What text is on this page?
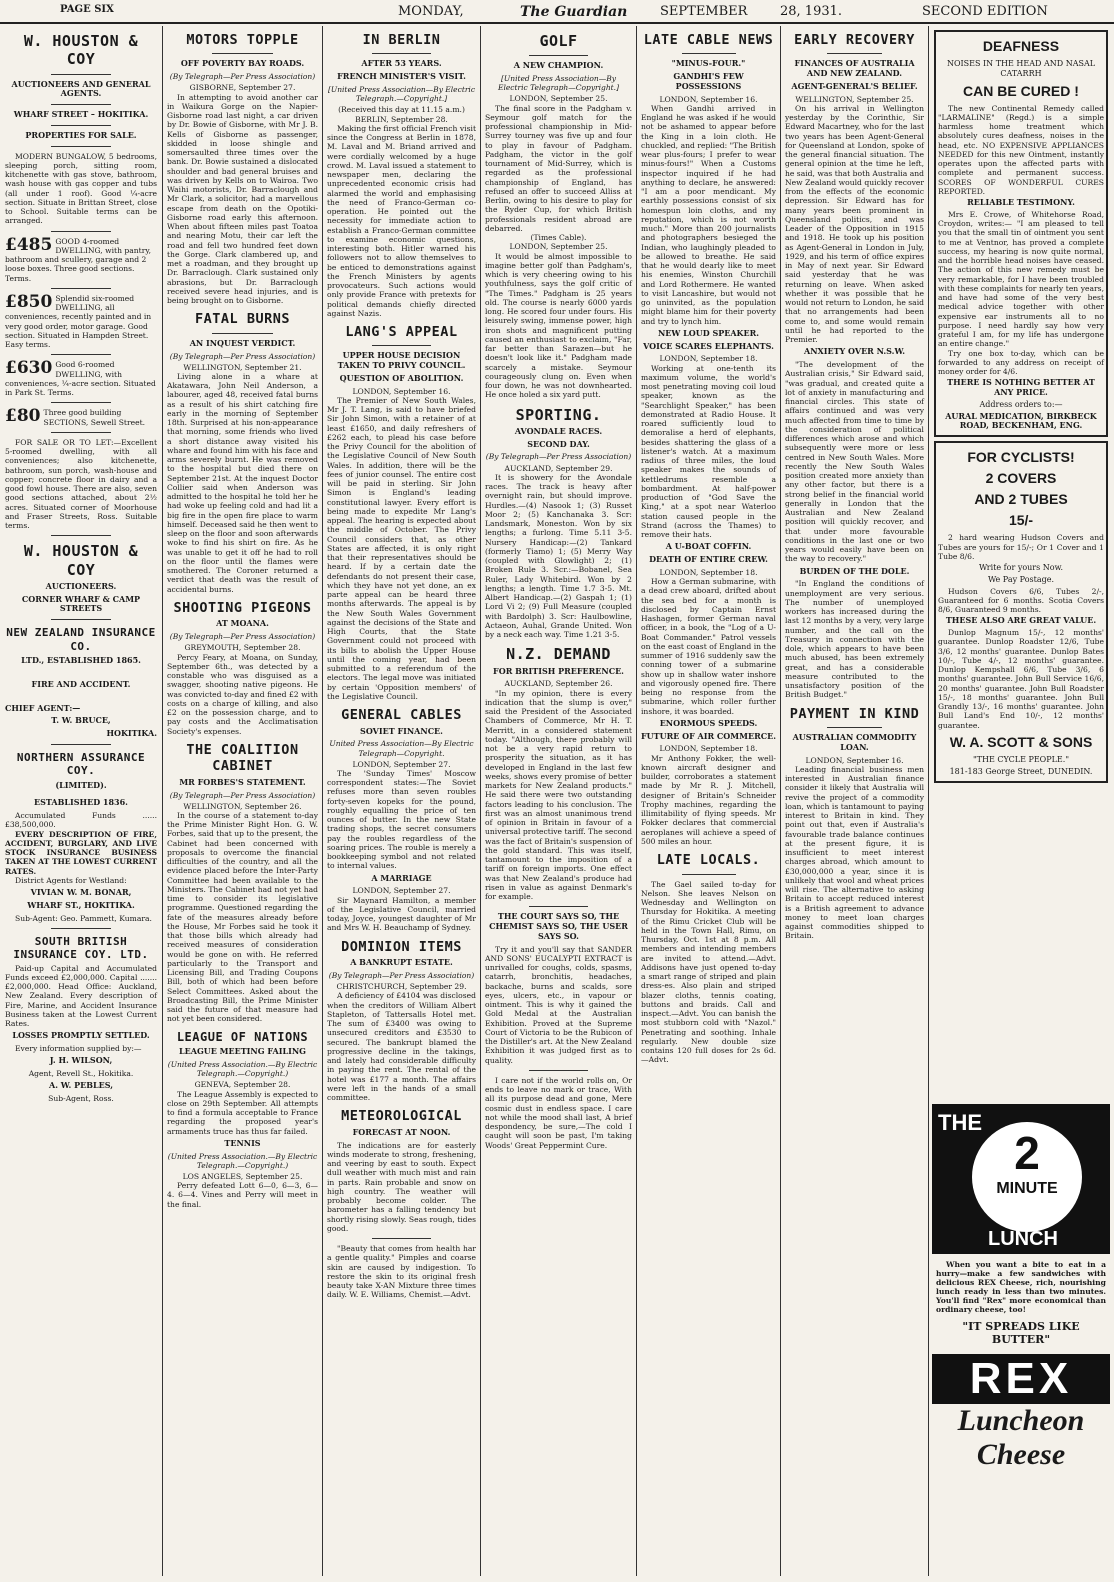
PAGE SIX	MONDAY,	The Guardian	SEPTEMBER	28, 1931.	SECOND EDITION
W. HOUSTON & COY
AUCTIONEERS AND GENERAL AGENTS.
WHARF STREET – HOKITIKA.
PROPERTIES FOR SALE.

MODERN BUNGALOW, 5 bedrooms, sleeping porch, sitting room, kitchenette with gas stove, bathroom, wash house with gas copper and tubs (all under 1 roof). Good ¼-acre section. Situate in Brittan Street, close to School. Suitable terms can be arranged.

£485 GOOD 4-roomed DWELLING, with pantry, bathroom and scullery, garage and 2 loose boxes. Three good sections. Terms.
£850 Splendid six-roomed DWELLING, all conveniences, recently painted and in very good order, motor garage. Good section. Situated in Hampden Street. Easy terms.
£630 Good 6-roomed DWELLING, with conveniences, ¼-acre section. Situated in Park St. Terms.
£80 Three good building SECTIONS, Sewell Street.

FOR SALE OR TO LET:—Excellent 5-roomed dwelling, with all conveniences; also kitchenette, bathroom, sun porch, wash-house and copper; concrete floor in dairy and a good fowl house. There are also, seven good sections attached, about 2½ acres. Situated corner of Moorhouse and Fraser Streets, Ross. Suitable terms.

W. HOUSTON & COY
AUCTIONEERS.
CORNER WHARF & CAMP STREETS
NEW ZEALAND INSURANCE CO.
LTD., ESTABLISHED 1865.
FIRE AND ACCIDENT.
CHIEF AGENT:—
T. W. BRUCE,
HOKITIKA.
NORTHERN ASSURANCE COY.
(LIMITED).
ESTABLISHED 1836.

Accumulated Funds ...... £38,500,000.

EVERY DESCRIPTION OF FIRE, ACCIDENT, BURGLARY, AND LIVE STOCK INSURANCE BUSINESS TAKEN AT THE LOWEST CURRENT RATES.

District Agents for Westland:

VIVIAN W. M. BONAR,
WHARF ST., HOKITIKA.

Sub-Agent: Geo. Pammett, Kumara.

SOUTH BRITISH INSURANCE COY. LTD.

Paid-up Capital and Accumulated Funds exceed £2,000,000. Capital ....... £2,000,000. Head Office: Auckland, New Zealand. Every description of Fire, Marine, and Accident Insurance Business taken at the Lowest Current Rates.

LOSSES PROMPTLY SETTLED.

Every information supplied by:—

J. H. WILSON,
Agent, Revell St., Hokitika.
A. W. PEBLES,
Sub-Agent, Ross.
MOTORS TOPPLE
OFF POVERTY BAY ROADS.
(By Telegraph—Per Press Association)
GISBORNE, September 27.

In attempting to avoid another car in Waikura Gorge on the Napier-Gisborne road last night, a car driven by Dr. Bowie of Gisborne, with Mr J. B. Kells of Gisborne as passenger, skidded in loose shingle and somersaulted three times over the bank. Dr. Bowie sustained a dislocated shoulder and bad general bruises and was driven by Kells on to Wairoa. Two Waihi motorists, Dr. Barraclough and Mr Clark, a solicitor, had a marvellous escape from death on the Opotiki-Gisborne road early this afternoon. When about fifteen miles past Toatoa and nearing Motu, their car left the road and fell two hundred feet down the Gorge. Clark clambered up, and met a roadman, and they brought up Dr. Barraclough. Clark sustained only abrasions, but Dr. Barraclough received severe head injuries, and is being brought on to Gisborne.

FATAL BURNS
AN INQUEST VERDICT.
(By Telegraph—Per Press Association)
WELLINGTON, September 21.

Living alone in a whare at Akatawara, John Neil Anderson, a labourer, aged 48, received fatal burns as a result of his shirt catching fire early in the morning of September 18th. Surprised at his non-appearance that morning, some friends who lived a short distance away visited his whare and found him with his face and arms severely burnt. He was removed to the hospital but died there on September 21st. At the inquest Doctor Collier said when Anderson was admitted to the hospital he told her he had woke up feeling cold and had lit a big fire in the open fire place to warm himself. Deceased said he then went to sleep on the floor and soon afterwards woke to find his shirt on fire. As he was unable to get it off he had to roll on the floor until the flames were smothered. The Coroner returned a verdict that death was the result of accidental burns.

SHOOTING PIGEONS
AT MOANA.
(By Telegraph—Per Press Association)
GREYMOUTH, September 28.

Percy Feary, at Moana, on Sunday, September 6th., was detected by a constable who was disguised as a swagger, shooting native pigeons. He was convicted to-day and fined £2 with costs on a charge of killing, and also £2 on the possession charge, and to pay costs and the Acclimatisation Society's expenses.

THE COALITION CABINET
MR FORBES'S STATEMENT.
(By Telegraph—Per Press Association)
WELLINGTON, September 26.

In the course of a statement to-day the Prime Minister Right Hon. G. W. Forbes, said that up to the present, the Cabinet had been concerned with proposals to overcome the financial difficulties of the country, and all the evidence placed before the Inter-Party Committee had been available to the Ministers. The Cabinet had not yet had time to consider its legislative programme. Questioned regarding the fate of the measures already before the House, Mr Forbes said he took it that those bills which already had received measures of consideration would be gone on with. He referred particularly to the Transport and Licensing Bill, and Trading Coupons Bill, both of which had been before Select Committees. Asked about the Broadcasting Bill, the Prime Minister said the future of that measure had not yet been considered.

LEAGUE OF NATIONS
LEAGUE MEETING FAILING
(United Press Association.—By Electric Telegraph.—Copyright.)
GENEVA, September 28.

The League Assembly is expected to close on 29th September. All attempts to find a formula acceptable to France regarding the proposed year's armaments truce has thus far failed.

TENNIS
(United Press Association.—By Electric Telegraph.—Copyright.)
LOS ANGELES, September 25.

Perry defeated Lott 6—0, 6—3, 6—4. 6—4. Vines and Perry will meet in the final.

IN BERLIN
AFTER 53 YEARS.
FRENCH MINISTER'S VISIT.
[United Press Association—By Electric Telegraph.—Copyright.]
(Received this day at 11.15 a.m.)
BERLIN, September 28.

Making the first official French visit since the Congress at Berlin in 1878, M. Laval and M. Briand arrived and were cordially welcomed by a huge crowd. M. Laval issued a statement to newspaper men, declaring the unprecedented economic crisis had alarmed the world and emphasising the need of Franco-German co-operation. He pointed out the necessity for immediate action to establish a Franco-German committee to examine economic questions, interesting both. Hitler warned his followers not to allow themselves to be enticed to demonstrations against the French Ministers by agents provocateurs. Such actions would only provide France with pretexts for political demands chiefly directed against Nazis.

LANG'S APPEAL
UPPER HOUSE DECISION TAKEN TO PRIVY COUNCIL.
QUESTION OF ABOLITION.
LONDON, September 16.

The Premier of New South Wales, Mr J. T. Lang, is said to have briefed Sir John Simon, with a retainer of at least £1650, and daily refreshers of £262 each, to plead his case before the Privy Council for the abolition of the Legislative Council of New South Wales. In addition, there will be the fees of junior counsel. The entire cost will be paid in sterling. Sir John Simon is England's leading constitutional lawyer. Every effort is being made to expedite Mr Lang's appeal. The hearing is expected about the middle of October. The Privy Council considers that, as other States are affected, it is only right that their representatives should be heard. If by a certain date the defendants do not present their case, which they have not yet done, an ex parte appeal can be heard three months afterwards. The appeal is by the New South Wales Government against the decisions of the State and High Courts, that the State Government could not proceed with its bills to abolish the Upper House until the coming year, had been submitted to a referendum of the electors. The legal move was initiated by certain 'Opposition members' of the Legislative Council.

GENERAL CABLES
SOVIET FINANCE.
United Press Association—By Electric Telegraph—Copyright.
LONDON, September 27.

The 'Sunday Times' Moscow correspondent states:—The Soviet refuses more than seven roubles forty-seven kopeks for the pound, roughly equalling the price of ten ounces of butter. In the new State trading shops, the secret consumers pay the roubles regardless of the soaring prices. The rouble is merely a bookkeeping symbol and not related to internal values.

A MARRIAGE
LONDON, September 27.

Sir Maynard Hamilton, a member of the Legislative Council, married today, Joyce, youngest daughter of Mr and Mrs W. H. Beauchamp of Sydney.

DOMINION ITEMS
A BANKRUPT ESTATE.
(By Telegraph—Per Press Association)
CHRISTCHURCH, September 29.

A deficiency of £4104 was disclosed when the creditors of William Albert Stapleton, of Tattersalls Hotel met. The sum of £3400 was owing to unsecured creditors and £3530 to secured. The bankrupt blamed the progressive decline in the takings, and lately had considerable difficulty in paying the rent. The rental of the hotel was £177 a month. The affairs were left in the hands of a small committee.

METEOROLOGICAL
FORECAST AT NOON.

The indications are for easterly winds moderate to strong, freshening, and veering by east to south. Expect dull weather with much mist and rain in parts. Rain probable and snow on high country. The weather will probably become colder. The barometer has a falling tendency but shortly rising slowly. Seas rough, tides good.

"Beauty that comes from health har a gentle quality." Pimples and coarse skin are caused by indigestion. To restore the skin to its original fresh beauty take X-AN Mixture three times daily. W. E. Williams, Chemist.—Advt.

GOLF
A NEW CHAMPION.
[United Press Association—By Electric Telegraph—Copyright.]
LONDON, September 25.

The final score in the Padgham v. Seymour golf match for the professional championship in Mid-Surrey tourney was five up and four to play in favour of Padgham. Padgham, the victor in the golf tournament of Mid-Surrey, which is regarded as the professional championship of England, has refused an offer to succeed Alliss at Berlin, owing to his desire to play for the Ryder Cup, for which British professionals resident abroad are debarred.

(Times Cable).
LONDON, September 25.

It would be almost impossible to imagine better golf than Padgham's, which is very cheering owing to his youthfulness, says the golf critic of "The Times." Padgham is 25 years old. The course is nearly 6000 yards long. He scored four under fours. His leisurely swing, immense power, high iron shots and magnificent putting caused an enthusiast to exclaim, "Far, far better than Sarazen—but he doesn't look like it." Padgham made scarcely a mistake. Seymour courageously clung on. Even when four down, he was not downhearted. He once holed a six yard putt.

SPORTING.
AVONDALE RACES.
SECOND DAY.
(By Telegraph—Per Press Association)
AUCKLAND, September 29.

It is showery for the Avondale races. The track is heavy after overnight rain, but should improve. Hurdles.—(4) Nasook 1; (3) Russet Moor 2; (5) Kanchanaka 3. Scr: Landsmark, Moneston. Won by six lengths; a furlong. Time 5.11 3-5. Nursery Handicap:—(2) Tankard (formerly Tiamo) 1; (5) Merry Way (coupled with Glowlight) 2; (1) Broken Rule 3. Scr.:—Bobanel, Sea Ruler, Lady Whitebird. Won by 2 lengths; a length. Time 1.7 3-5. Mt. Albert Handicap.—(2) Gaspah 1; (1) Lord Vi 2; (9) Full Measure (coupled with Bardolph) 3. Scr: Haulbowline, Actaeon, Auhal, Grande United. Won by a neck each way. Time 1.21 3-5.

N.Z. DEMAND
FOR BRITISH PREFERENCE.
AUCKLAND, September 26.

"In my opinion, there is every indication that the slump is over," said the President of the Associated Chambers of Commerce, Mr H. T. Merritt, in a considered statement today. "Although, there probably will not be a very rapid return to prosperity the situation, as it has developed in England in the last few weeks, shows every promise of better markets for New Zealand products." He said there were two outstanding factors leading to his conclusion. The first was an almost unanimous trend of opinion in Britain in favour of a universal protective tariff. The second was the fact of Britain's suspension of the gold standard. This was itself, tantamount to the imposition of a tariff on foreign imports. One effect was that New Zealand's produce had risen in value as against Denmark's for example.

THE COURT SAYS SO, THE CHEMIST SAYS SO, THE USER SAYS SO.

Try it and you'll say that SANDER AND SONS' EUCALYPTI EXTRACT is unrivalled for coughs, colds, spasms, catarrh, bronchitis, headaches, backache, burns and scalds, sore eyes, ulcers, etc., in vapour or ointment. This is why it gained the Gold Medal at the Australian Exhibition. Proved at the Supreme Court of Victoria to be the Rubicon of the Distiller's art. At the New Zealand Exhibition it was judged first as to quality.

I care not if the world rolls on, Or ends to leave no mark or trace, With all its purpose dead and gone, Mere cosmic dust in endless space. I care not while the mood shall last, A brief despondency, be sure,—The cold I caught will soon be past, I'm taking Woods' Great Peppermint Cure.

LATE CABLE NEWS
"MINUS-FOUR."
GANDHI'S FEW POSSESSIONS
LONDON, September 16.

When Gandhi arrived in England he was asked if he would not be ashamed to appear before the King in a loin cloth. He chuckled, and replied: "The British wear plus-fours; I prefer to wear minus-fours!" When a Customs inspector inquired if he had anything to declare, he answered: "I am a poor mendicant. My earthly possessions consist of six homespun loin cloths, and my reputation, which is not worth much." More than 200 journalists and photographers besieged the Indian, who laughingly pleaded to be allowed to breathe. He said that he would dearly like to meet his enemies, Winston Churchill and Lord Rothermere. He wanted to visit Lancashire, but would not go uninvited, as the population might blame him for their poverty and try to lynch him.

NEW LOUD SPEAKER.
VOICE SCARES ELEPHANTS.
LONDON, September 18.

Working at one-tenth its maximum volume, the world's most penetrating moving coil loud speaker, known as the "Searchlight Speaker," has been demonstrated at Radio House. It roared sufficiently loud to demoralise a herd of elephants, besides shattering the glass of a listener's watch. At a maximum radius of three miles, the loud speaker makes the sounds of kettledrums resemble a bombardment. At half-power production of "God Save the King," at a spot near Waterloo station caused people in the Strand (across the Thames) to remove their hats.

A U-BOAT COFFIN.
DEATH OF ENTIRE CREW.
LONDON, September 18.

How a German submarine, with a dead crew aboard, drifted about the sea bed for a month is disclosed by Captain Ernst Hashagen, former German naval officer, in a book, the "Log of a U-Boat Commander." Patrol vessels on the east coast of England in the summer of 1916 suddenly saw the conning tower of a submarine show up in shallow water inshore and vigorously opened fire. There being no response from the submarine, which roller further inshore, it was boarded.

ENORMOUS SPEEDS.
FUTURE OF AIR COMMERCE.
LONDON, September 18.

Mr Anthony Fokker, the well-known aircraft designer and builder, corroborates a statement made by Mr R. J. Mitchell, designer of Britain's Schneider Trophy machines, regarding the illimitability of flying speeds. Mr Fokker declares that commercial aeroplanes will achieve a speed of 500 miles an hour.

LATE LOCALS.

The Gael sailed to-day for Nelson. She leaves Nelson on Wednesday and Wellington on Thursday for Hokitika. A meeting of the Rimu Cricket Club will be held in the Town Hall, Rimu, on Thursday, Oct. 1st at 8 p.m. All members and intending members are invited to attend.—Advt. Addisons have just opened to-day a smart range of striped and plain dress-es. Also plain and striped blazer cloths, tennis coating, buttons and braids. Call and inspect.—Advt. You can banish the most stubborn cold with "Nazol." Penetrating and soothing. Inhale regularly. New double size contains 120 full doses for 2s 6d.—Advt.

EARLY RECOVERY
FINANCES OF AUSTRALIA AND NEW ZEALAND.
AGENT-GENERAL'S BELIEF.
WELLINGTON, September 25.

On his arrival in Wellington yesterday by the Corinthic, Sir Edward Macartney, who for the last two years has been Agent-General for Queensland at London, spoke of the general financial situation. The general opinion at the time he left, he said, was that both Australia and New Zealand would quickly recover from the effects of the economic depression. Sir Edward has for many years been prominent in Queensland politics, and was Leader of the Opposition in 1915 and 1918. He took up his position as Agent-General in London in July, 1929, and his term of office expires in May of next year. Sir Edward said yesterday that he was returning on leave. When asked whether it was possible that he would not return to London, he said that no arrangements had been come to, and some would remain until he had reported to the Premier.

ANXIETY OVER N.S.W.

"The development of the Australian crisis," Sir Edward said, "was gradual, and created quite a lot of anxiety in manufacturing and financial circles. This state of affairs continued and was very much affected from time to time by the consideration of political differences which arose and which subsequently were more or less centred in New South Wales. More recently the New South Wales position created more anxiety than any other factor, but there is a strong belief in the financial world generally in London that the Australian and New Zealand position will quickly recover, and that under more favourable conditions in the last one or two years would easily have been on the way to recovery."

BURDEN OF THE DOLE.

"In England the conditions of unemployment are very serious. The number of unemployed workers has increased during the last 12 months by a very, very large number, and the call on the Treasury in connection with the dole, which appears to have been much abused, has been extremely great, and has a considerable measure contributed to the unsatisfactory position of the British Budget."

PAYMENT IN KIND
AUSTRALIAN COMMODITY LOAN.
LONDON, September 16.

Leading financial business men interested in Australian finance consider it likely that Australia will revive the project of a commodity loan, which is tantamount to paying interest to Britain in kind. They point out that, even if Australia's favourable trade balance continues at the present figure, it is insufficient to meet interest charges abroad, which amount to £30,000,000 a year, since it is unlikely that wool and wheat prices will rise. The alternative to asking Britain to accept reduced interest is a British agreement to advance money to meet loan charges against commodities shipped to Britain.

DEAFNESS
NOISES IN THE HEAD AND NASAL CATARRH
CAN BE CURED !

The new Continental Remedy called "LARMALINE" (Regd.) is a simple harmless home treatment which absolutely cures deafness, noises in the head, etc. NO EXPENSIVE APPLIANCES NEEDED for this new Ointment, instantly operates upon the affected parts with complete and permanent success. SCORES OF WONDERFUL CURES REPORTED.

RELIABLE TESTIMONY.

Mrs E. Crowe, of Whitehorse Road, Croydon, writes:— "I am pleased to tell you that the small tin of ointment you sent to me at Ventnor, has proved a complete success, my hearing is now quite normal, and the horrible head noises have ceased. The action of this new remedy must be very remarkable, for I have been troubled with these complaints for nearly ten years, and have had some of the very best medical advice together with other expensive ear instruments all to no purpose. I need hardly say how very grateful I am, for my life has undergone an entire change."

Try one box to-day, which can be forwarded to any address on receipt of money order for 4/6.

THERE IS NOTHING BETTER AT ANY PRICE.
Address orders to:—
AURAL MEDICATION, BIRKBECK ROAD, BECKENHAM, ENG.
FOR CYCLISTS!
2 COVERS
AND 2 TUBES
15/-

2 hard wearing Hudson Covers and Tubes are yours for 15/-; Or 1 Cover and 1 Tube 8/6.

Write for yours Now.
We Pay Postage.

Hudson Covers 6/6, Tubes 2/-, Guaranteed for 6 months. Scotia Covers 8/6, Guaranteed 9 months.

THESE ALSO ARE GREAT VALUE.

Dunlop Magnum 15/-, 12 months' guarantee. Dunlop Roadster 12/6, Tube 3/6, 12 months' guarantee. Dunlop Bates 10/-, Tube 4/-, 12 months' guarantee. Dunlop Kempshall 6/6, Tube 3/6, 6 months' guarantee. John Bull Service 16/6, 20 months' guarantee. John Bull Roadster 15/-, 18 months' guarantee. John Bull Grandly 13/-, 16 months' guarantee. John Bull Land's End 10/-, 12 months' guarantee.

W. A. SCOTT & SONS
"THE CYCLE PEOPLE."
181-183 George Street, DUNEDIN.
THE
2
MINUTE
LUNCH

When you want a bite to eat in a hurry—make a few sandwiches with delicious REX Cheese, rich, nourishing lunch ready in less than two minutes. You'll find "Rex" more economical than ordinary cheese, too!

"IT SPREADS LIKE BUTTER"
REX
Luncheon
Cheese
